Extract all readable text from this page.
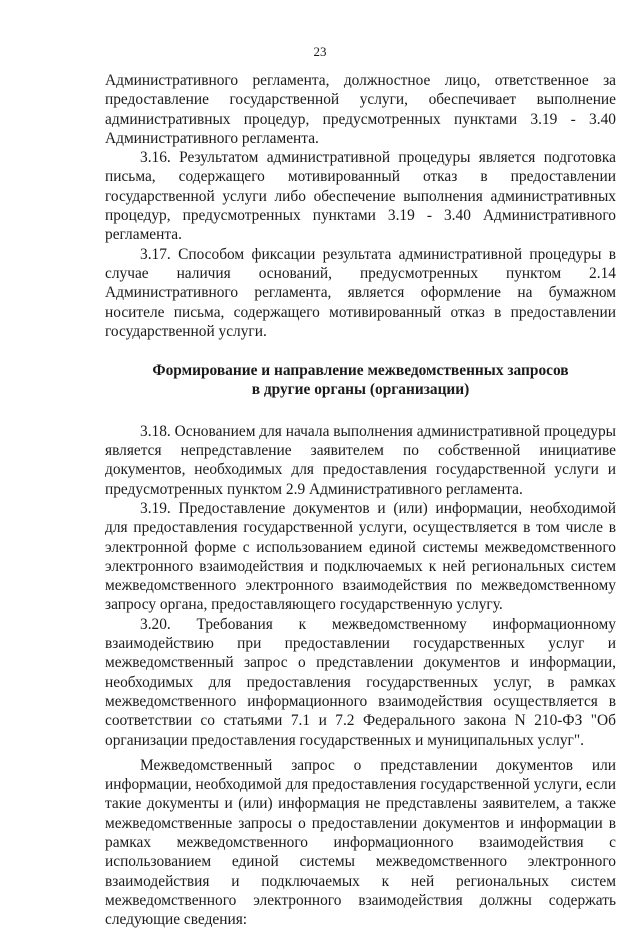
23

Административного регламента, должностное лицо, ответственное за предоставление государственной услуги, обеспечивает выполнение административных процедур, предусмотренных пунктами 3.19 - 3.40 Административного регламента.

3.16. Результатом административной процедуры является подготовка письма, содержащего мотивированный отказ в предоставлении государственной услуги либо обеспечение выполнения административных процедур, предусмотренных пунктами 3.19 - 3.40 Административного регламента.

3.17. Способом фиксации результата административной процедуры в случае наличия оснований, предусмотренных пунктом 2.14 Административного регламента, является оформление на бумажном носителе письма, содержащего мотивированный отказ в предоставлении государственной услуги.

Формирование и направление межведомственных запросов
в другие органы (организации)

3.18. Основанием для начала выполнения административной процедуры является непредставление заявителем по собственной инициативе документов, необходимых для предоставления государственной услуги и предусмотренных пунктом 2.9 Административного регламента.

3.19. Предоставление документов и (или) информации, необходимой для предоставления государственной услуги, осуществляется в том числе в электронной форме с использованием единой системы межведомственного электронного взаимодействия и подключаемых к ней региональных систем межведомственного электронного взаимодействия по межведомственному запросу органа, предоставляющего государственную услугу.

3.20. Требования к межведомственному информационному взаимодействию при предоставлении государственных услуг и межведомственный запрос о представлении документов и информации, необходимых для предоставления государственных услуг, в рамках межведомственного информационного взаимодействия осуществляется в соответствии со статьями 7.1 и 7.2 Федерального закона N 210-ФЗ "Об организации предоставления государственных и муниципальных услуг".

Межведомственный запрос о представлении документов или информации, необходимой для предоставления государственной услуги, если такие документы и (или) информация не представлены заявителем, а также межведомственные запросы о предоставлении документов и информации в рамках межведомственного информационного взаимодействия с использованием единой системы межведомственного электронного взаимодействия и подключаемых к ней региональных систем межведомственного электронного взаимодействия должны содержать следующие сведения:
